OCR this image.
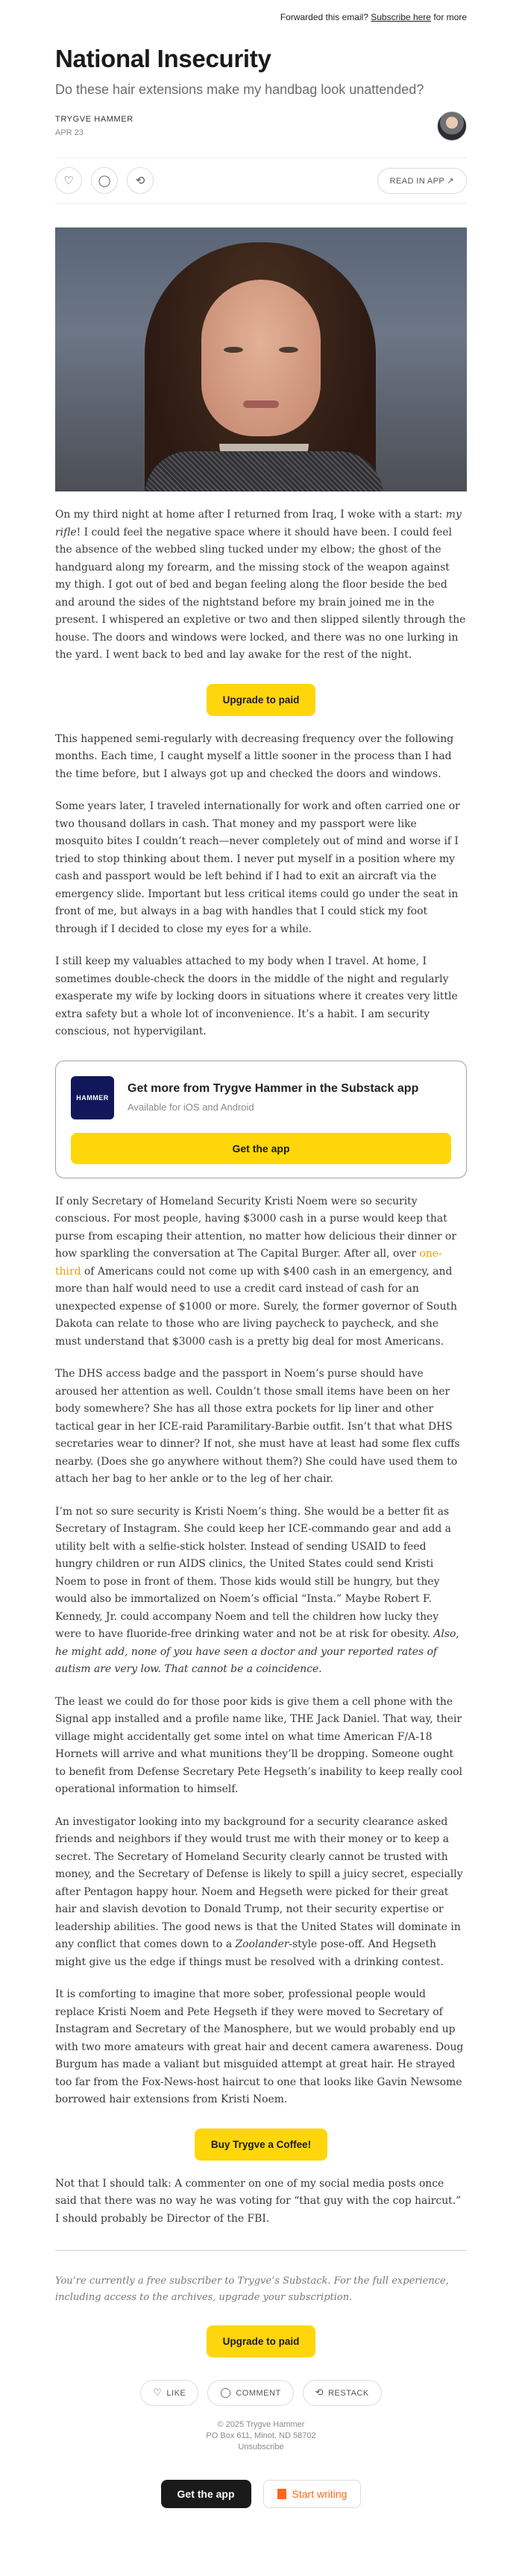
Forwarded this email? Subscribe here for more
National Insecurity
Do these hair extensions make my handbag look unattended?
TRYGVE HAMMER
APR 23
♡	◯	⟲	READ IN APP ↗

On my third night at home after I returned from Iraq, I woke with a start: my rifle! I could feel the negative space where it should have been. I could feel the absence of the webbed sling tucked under my elbow; the ghost of the handguard along my forearm, and the missing stock of the weapon against my thigh. I got out of bed and began feeling along the floor beside the bed and around the sides of the nightstand before my brain joined me in the present. I whispered an expletive or two and then slipped silently through the house. The doors and windows were locked, and there was no one lurking in the yard. I went back to bed and lay awake for the rest of the night.

Upgrade to paid

This happened semi-regularly with decreasing frequency over the following months. Each time, I caught myself a little sooner in the process than I had the time before, but I always got up and checked the doors and windows.

Some years later, I traveled internationally for work and often carried one or two thousand dollars in cash. That money and my passport were like mosquito bites I couldn’t reach—never completely out of mind and worse if I tried to stop thinking about them. I never put myself in a position where my cash and passport would be left behind if I had to exit an aircraft via the emergency slide. Important but less critical items could go under the seat in front of me, but always in a bag with handles that I could stick my foot through if I decided to close my eyes for a while.

I still keep my valuables attached to my body when I travel. At home, I sometimes double-check the doors in the middle of the night and regularly exasperate my wife by locking doors in situations where it creates very little extra safety but a whole lot of inconvenience. It’s a habit. I am security conscious, not hypervigilant.

HAMMER
Get more from Trygve Hammer in the Substack app
Available for iOS and Android
Get the app

If only Secretary of Homeland Security Kristi Noem were so security conscious. For most people, having $3000 cash in a purse would keep that purse from escaping their attention, no matter how delicious their dinner or how sparkling the conversation at The Capital Burger. After all, over one-third of Americans could not come up with $400 cash in an emergency, and more than half would need to use a credit card instead of cash for an unexpected expense of $1000 or more. Surely, the former governor of South Dakota can relate to those who are living paycheck to paycheck, and she must understand that $3000 cash is a pretty big deal for most Americans.

The DHS access badge and the passport in Noem’s purse should have aroused her attention as well. Couldn’t those small items have been on her body somewhere? She has all those extra pockets for lip liner and other tactical gear in her ICE-raid Paramilitary-Barbie outfit. Isn’t that what DHS secretaries wear to dinner? If not, she must have at least had some flex cuffs nearby. (Does she go anywhere without them?) She could have used them to attach her bag to her ankle or to the leg of her chair.

I’m not so sure security is Kristi Noem’s thing. She would be a better fit as Secretary of Instagram. She could keep her ICE-commando gear and add a utility belt with a selfie-stick holster. Instead of sending USAID to feed hungry children or run AIDS clinics, the United States could send Kristi Noem to pose in front of them. Those kids would still be hungry, but they would also be immortalized on Noem’s official “Insta.” Maybe Robert F. Kennedy, Jr. could accompany Noem and tell the children how lucky they were to have fluoride-free drinking water and not be at risk for obesity. Also, he might add, none of you have seen a doctor and your reported rates of autism are very low. That cannot be a coincidence.

The least we could do for those poor kids is give them a cell phone with the Signal app installed and a profile name like, THE Jack Daniel. That way, their village might accidentally get some intel on what time American F/A-18 Hornets will arrive and what munitions they’ll be dropping. Someone ought to benefit from Defense Secretary Pete Hegseth’s inability to keep really cool operational information to himself.

An investigator looking into my background for a security clearance asked friends and neighbors if they would trust me with their money or to keep a secret. The Secretary of Homeland Security clearly cannot be trusted with money, and the Secretary of Defense is likely to spill a juicy secret, especially after Pentagon happy hour. Noem and Hegseth were picked for their great hair and slavish devotion to Donald Trump, not their security expertise or leadership abilities. The good news is that the United States will dominate in any conflict that comes down to a Zoolander-style pose-off. And Hegseth might give us the edge if things must be resolved with a drinking contest.

It is comforting to imagine that more sober, professional people would replace Kristi Noem and Pete Hegseth if they were moved to Secretary of Instagram and Secretary of the Manosphere, but we would probably end up with two more amateurs with great hair and decent camera awareness. Doug Burgum has made a valiant but misguided attempt at great hair. He strayed too far from the Fox-News-host haircut to one that looks like Gavin Newsome borrowed hair extensions from Kristi Noem.

Buy Trygve a Coffee!

Not that I should talk: A commenter on one of my social media posts once said that there was no way he was voting for “that guy with the cop haircut.” I should probably be Director of the FBI.

You’re currently a free subscriber to Trygve’s Substack. For the full experience, including access to the archives, upgrade your subscription.

Upgrade to paid
♡ LIKE	◯ COMMENT	⟲ RESTACK
© 2025 Trygve Hammer
PO Box 611, Minot, ND 58702
Unsubscribe
Get the app	Start writing
